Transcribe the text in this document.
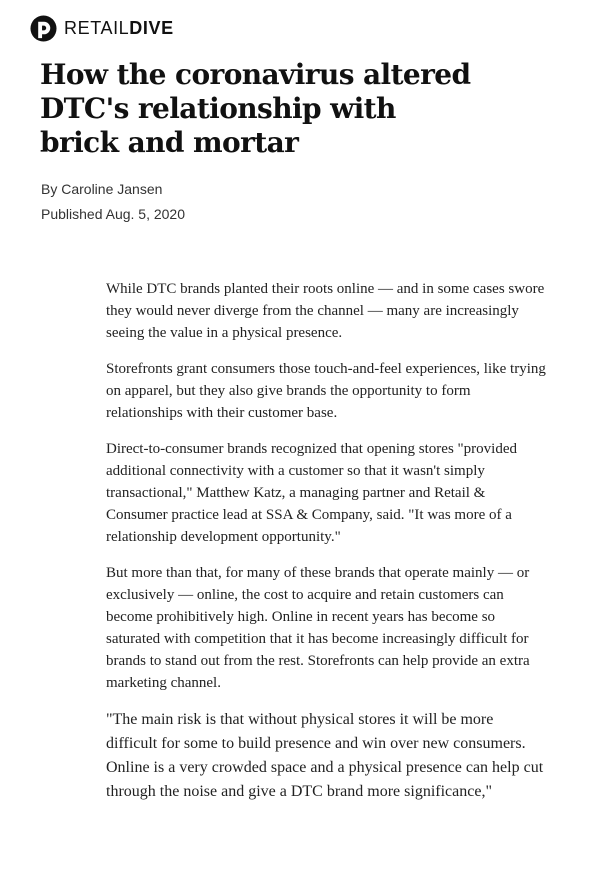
RETAILDIVE
How the coronavirus altered DTC's relationship with brick and mortar
By Caroline Jansen
Published Aug. 5, 2020

While DTC brands planted their roots online — and in some cases swore they would never diverge from the channel — many are increasingly seeing the value in a physical presence.

Storefronts grant consumers those touch-and-feel experiences, like trying on apparel, but they also give brands the opportunity to form relationships with their customer base.

Direct-to-consumer brands recognized that opening stores "provided additional connectivity with a customer so that it wasn't simply transactional," Matthew Katz, a managing partner and Retail & Consumer practice lead at SSA & Company, said. "It was more of a relationship development opportunity."

But more than that, for many of these brands that operate mainly — or exclusively — online, the cost to acquire and retain customers can become prohibitively high. Online in recent years has become so saturated with competition that it has become increasingly difficult for brands to stand out from the rest. Storefronts can help provide an extra marketing channel.

"The main risk is that without physical stores it will be more difficult for some to build presence and win over new consumers. Online is a very crowded space and a physical presence can help cut through the noise and give a DTC brand more significance,"
